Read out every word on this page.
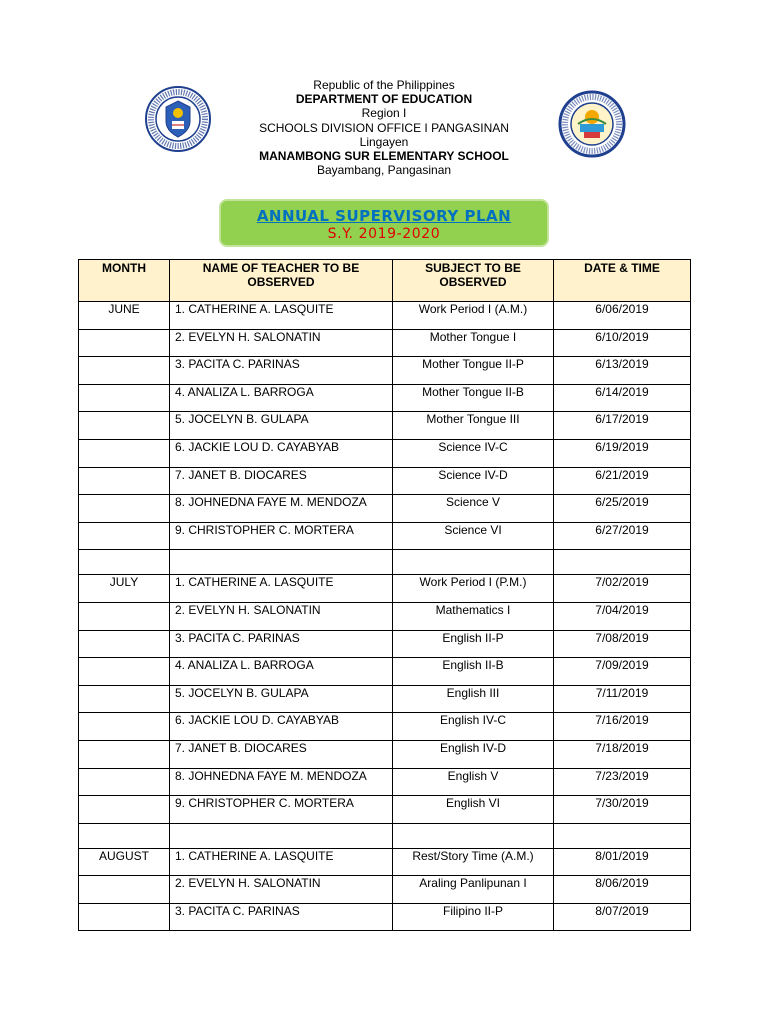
Republic of the Philippines
DEPARTMENT OF EDUCATION
Region I
SCHOOLS DIVISION OFFICE I PANGASINAN
Lingayen
MANAMBONG SUR ELEMENTARY SCHOOL
Bayambang, Pangasinan
ANNUAL SUPERVISORY PLAN
S.Y. 2019-2020
MONTH	NAME OF TEACHER TO BE OBSERVED	SUBJECT TO BE OBSERVED	DATE & TIME
JUNE	1. CATHERINE A. LASQUITE	Work Period I (A.M.)	6/06/2019
	2. EVELYN H. SALONATIN	Mother Tongue I	6/10/2019
	3. PACITA C. PARINAS	Mother Tongue II-P	6/13/2019
	4. ANALIZA L. BARROGA	Mother Tongue II-B	6/14/2019
	5. JOCELYN B. GULAPA	Mother Tongue III	6/17/2019
	6. JACKIE LOU D. CAYABYAB	Science IV-C	6/19/2019
	7. JANET B. DIOCARES	Science IV-D	6/21/2019
	8. JOHNEDNA FAYE M. MENDOZA	Science V	6/25/2019
	9. CHRISTOPHER C. MORTERA	Science VI	6/27/2019

JULY	1. CATHERINE A. LASQUITE	Work Period I (P.M.)	7/02/2019
	2. EVELYN H. SALONATIN	Mathematics I	7/04/2019
	3. PACITA C. PARINAS	English II-P	7/08/2019
	4. ANALIZA L. BARROGA	English II-B	7/09/2019
	5. JOCELYN B. GULAPA	English III	7/11/2019
	6. JACKIE LOU D. CAYABYAB	English IV-C	7/16/2019
	7. JANET B. DIOCARES	English IV-D	7/18/2019
	8. JOHNEDNA FAYE M. MENDOZA	English V	7/23/2019
	9. CHRISTOPHER C. MORTERA	English VI	7/30/2019

AUGUST	1. CATHERINE A. LASQUITE	Rest/Story Time (A.M.)	8/01/2019
	2. EVELYN H. SALONATIN	Araling Panlipunan I	8/06/2019
	3. PACITA C. PARINAS	Filipino II-P	8/07/2019
